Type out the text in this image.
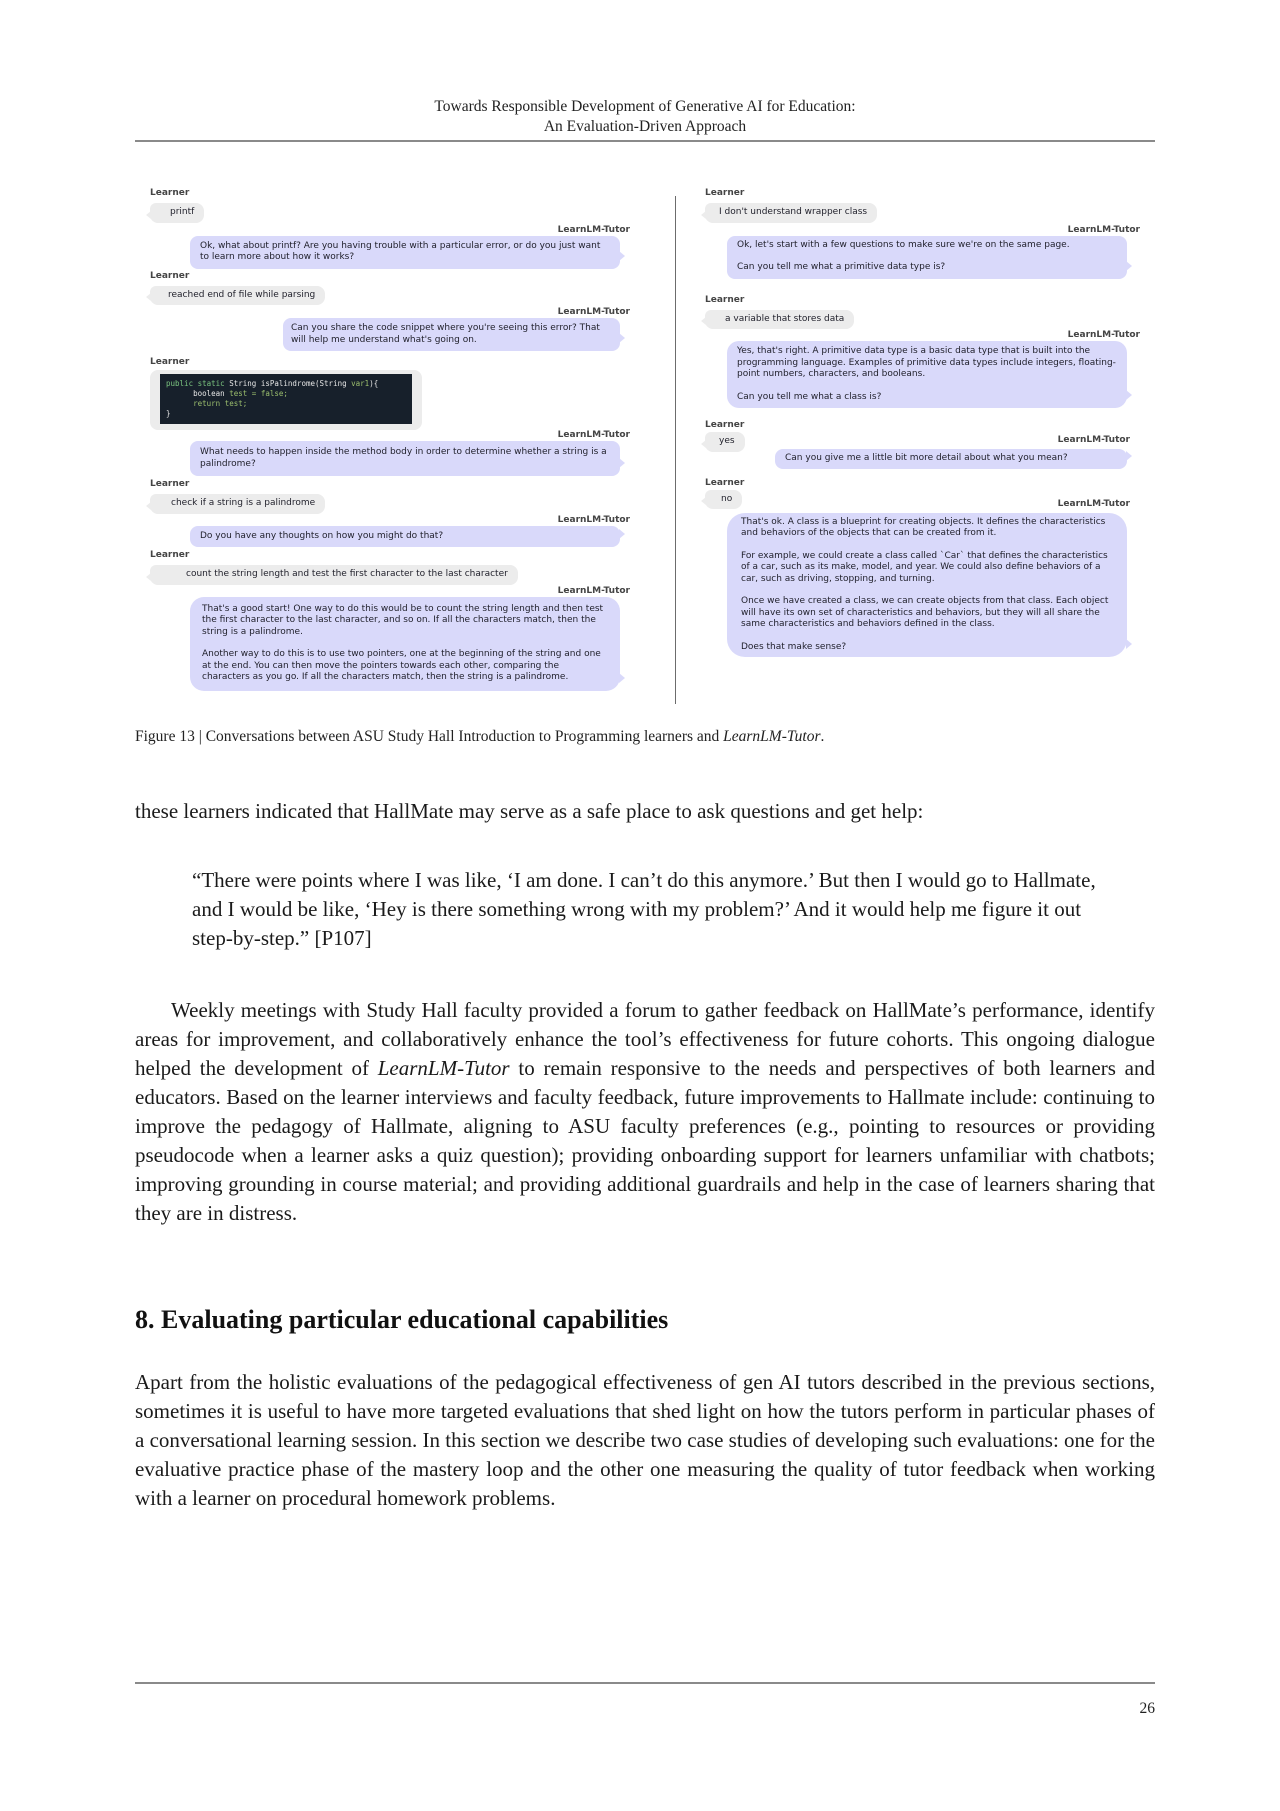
Towards Responsible Development of Generative AI for Education:
An Evaluation-Driven Approach
Learner
printf
LearnLM-Tutor
Ok, what about printf? Are you having trouble with a particular error, or do you just want to learn more about how it works?
Learner
reached end of file while parsing
LearnLM-Tutor
Can you share the code snippet where you're seeing this error? That will help me understand what's going on.
Learner
public static String isPalindrome(String var1){
boolean test = false;
return test;
}
LearnLM-Tutor
What needs to happen inside the method body in order to determine whether a string is a palindrome?
Learner
check if a string is a palindrome
LearnLM-Tutor
Do you have any thoughts on how you might do that?
Learner
count the string length and test the first character to the last character
LearnLM-Tutor
That's a good start! One way to do this would be to count the string length and then test the first character to the last character, and so on. If all the characters match, then the string is a palindrome.
Another way to do this is to use two pointers, one at the beginning of the string and one at the end. You can then move the pointers towards each other, comparing the characters as you go. If all the characters match, then the string is a palindrome.
Learner
I don't understand wrapper class
LearnLM-Tutor
Ok, let's start with a few questions to make sure we're on the same page.
Can you tell me what a primitive data type is?
Learner
a variable that stores data
LearnLM-Tutor
Yes, that's right. A primitive data type is a basic data type that is built into the programming language. Examples of primitive data types include integers, floating-point numbers, characters, and booleans.
Can you tell me what a class is?
Learner
yes	LearnLM-Tutor
Can you give me a little bit more detail about what you mean?
Learner
no	LearnLM-Tutor
That's ok. A class is a blueprint for creating objects. It defines the characteristics and behaviors of the objects that can be created from it.
For example, we could create a class called `Car` that defines the characteristics of a car, such as its make, model, and year. We could also define behaviors of a car, such as driving, stopping, and turning.
Once we have created a class, we can create objects from that class. Each object will have its own set of characteristics and behaviors, but they will all share the same characteristics and behaviors defined in the class.
Does that make sense?
Figure 13 | Conversations between ASU Study Hall Introduction to Programming learners and LearnLM-Tutor.
these learners indicated that HallMate may serve as a safe place to ask questions and get help:
“There were points where I was like, ‘I am done. I can’t do this anymore.’ But then I would go to Hallmate, and I would be like, ‘Hey is there something wrong with my problem?’ And it would help me figure it out step-by-step.” [P107]
Weekly meetings with Study Hall faculty provided a forum to gather feedback on HallMate’s performance, identify areas for improvement, and collaboratively enhance the tool’s effectiveness for future cohorts. This ongoing dialogue helped the development of LearnLM-Tutor to remain responsive to the needs and perspectives of both learners and educators. Based on the learner interviews and faculty feedback, future improvements to Hallmate include: continuing to improve the pedagogy of Hallmate, aligning to ASU faculty preferences (e.g., pointing to resources or providing pseudocode when a learner asks a quiz question); providing onboarding support for learners unfamiliar with chatbots; improving grounding in course material; and providing additional guardrails and help in the case of learners sharing that they are in distress.
8. Evaluating particular educational capabilities
Apart from the holistic evaluations of the pedagogical effectiveness of gen AI tutors described in the previous sections, sometimes it is useful to have more targeted evaluations that shed light on how the tutors perform in particular phases of a conversational learning session. In this section we describe two case studies of developing such evaluations: one for the evaluative practice phase of the mastery loop and the other one measuring the quality of tutor feedback when working with a learner on procedural homework problems.
26
